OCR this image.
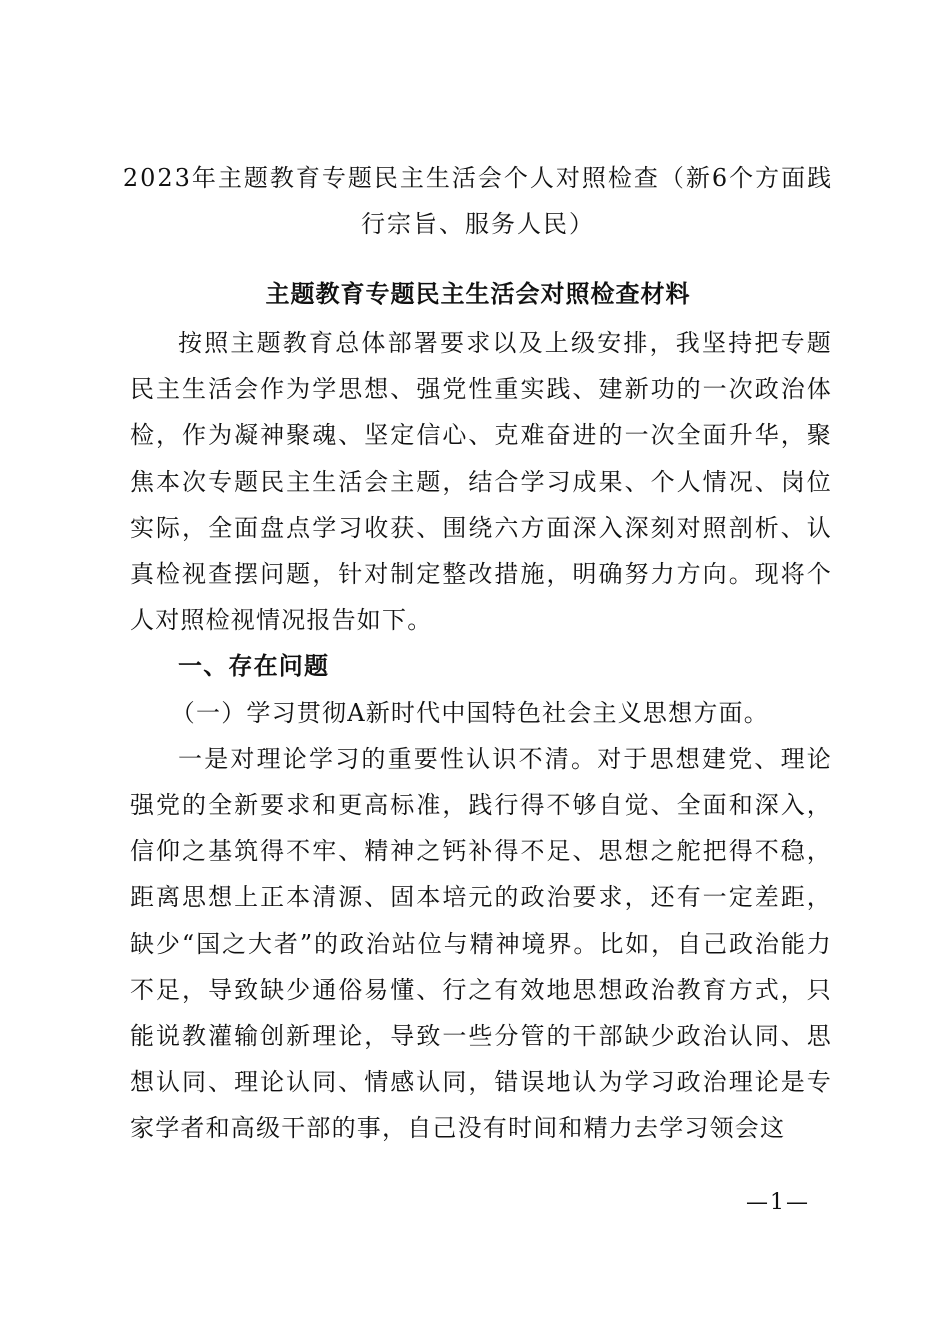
2023年主题教育专题民主生活会个人对照检查（新6个方面践行宗旨、服务人民）
主题教育专题民主生活会对照检查材料

按照主题教育总体部署要求以及上级安排，我坚持把专题民主生活会作为学思想、强党性重实践、建新功的一次政治体检，作为凝神聚魂、坚定信心、克难奋进的一次全面升华，聚焦本次专题民主生活会主题，结合学习成果、个人情况、岗位实际，全面盘点学习收获、围绕六方面深入深刻对照剖析、认真检视查摆问题，针对制定整改措施，明确努力方向。现将个人对照检视情况报告如下。

一、存在问题

（一）学习贯彻A新时代中国特色社会主义思想方面。

一是对理论学习的重要性认识不清。对于思想建党、理论强党的全新要求和更高标准，践行得不够自觉、全面和深入，信仰之基筑得不牢、精神之钙补得不足、思想之舵把得不稳，距离思想上正本清源、固本培元的政治要求，还有一定差距，缺少“国之大者”的政治站位与精神境界。比如，自己政治能力不足，导致缺少通俗易懂、行之有效地思想政治教育方式，只能说教灌输创新理论，导致一些分管的干部缺少政治认同、思想认同、理论认同、情感认同，错误地认为学习政治理论是专家学者和高级干部的事，自己没有时间和精力去学习领会这

—1—
